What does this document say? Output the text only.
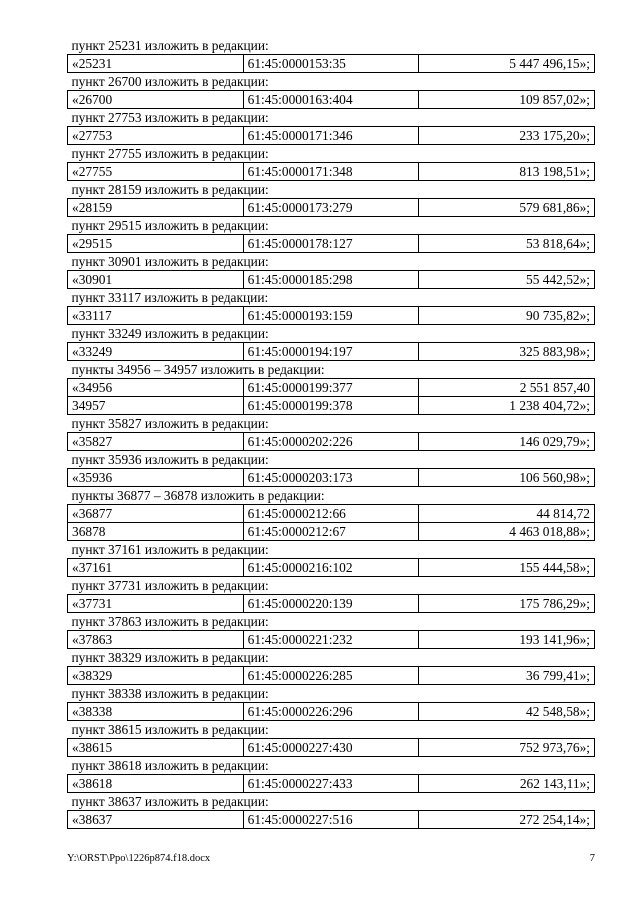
пункт 25231 изложить в редакции:		
«25231	61:45:0000153:35	5 447 496,15»;
пункт 26700 изложить в редакции:		
«26700	61:45:0000163:404	109 857,02»;
пункт 27753 изложить в редакции:		
«27753	61:45:0000171:346	233 175,20»;
пункт 27755 изложить в редакции:		
«27755	61:45:0000171:348	813 198,51»;
пункт 28159 изложить в редакции:		
«28159	61:45:0000173:279	579 681,86»;
пункт 29515 изложить в редакции:		
«29515	61:45:0000178:127	53 818,64»;
пункт 30901 изложить в редакции:		
«30901	61:45:0000185:298	55 442,52»;
пункт 33117 изложить в редакции:		
«33117	61:45:0000193:159	90 735,82»;
пункт 33249 изложить в редакции:		
«33249	61:45:0000194:197	325 883,98»;
пункты 34956 – 34957 изложить в редакции:		
«34956	61:45:0000199:377	2 551 857,40
34957	61:45:0000199:378	1 238 404,72»;
пункт 35827 изложить в редакции:		
«35827	61:45:0000202:226	146 029,79»;
пункт 35936 изложить в редакции:		
«35936	61:45:0000203:173	106 560,98»;
пункты 36877 – 36878 изложить в редакции:		
«36877	61:45:0000212:66	44 814,72
36878	61:45:0000212:67	4 463 018,88»;
пункт 37161 изложить в редакции:		
«37161	61:45:0000216:102	155 444,58»;
пункт 37731 изложить в редакции:		
«37731	61:45:0000220:139	175 786,29»;
пункт 37863 изложить в редакции:		
«37863	61:45:0000221:232	193 141,96»;
пункт 38329 изложить в редакции:		
«38329	61:45:0000226:285	36 799,41»;
пункт 38338 изложить в редакции:		
«38338	61:45:0000226:296	42 548,58»;
пункт 38615 изложить в редакции:		
«38615	61:45:0000227:430	752 973,76»;
пункт 38618 изложить в редакции:		
«38618	61:45:0000227:433	262 143,11»;
пункт 38637 изложить в редакции:		
«38637	61:45:0000227:516	272 254,14»;
Y:\ORST\Ppo\1226p874.f18.docx	7
